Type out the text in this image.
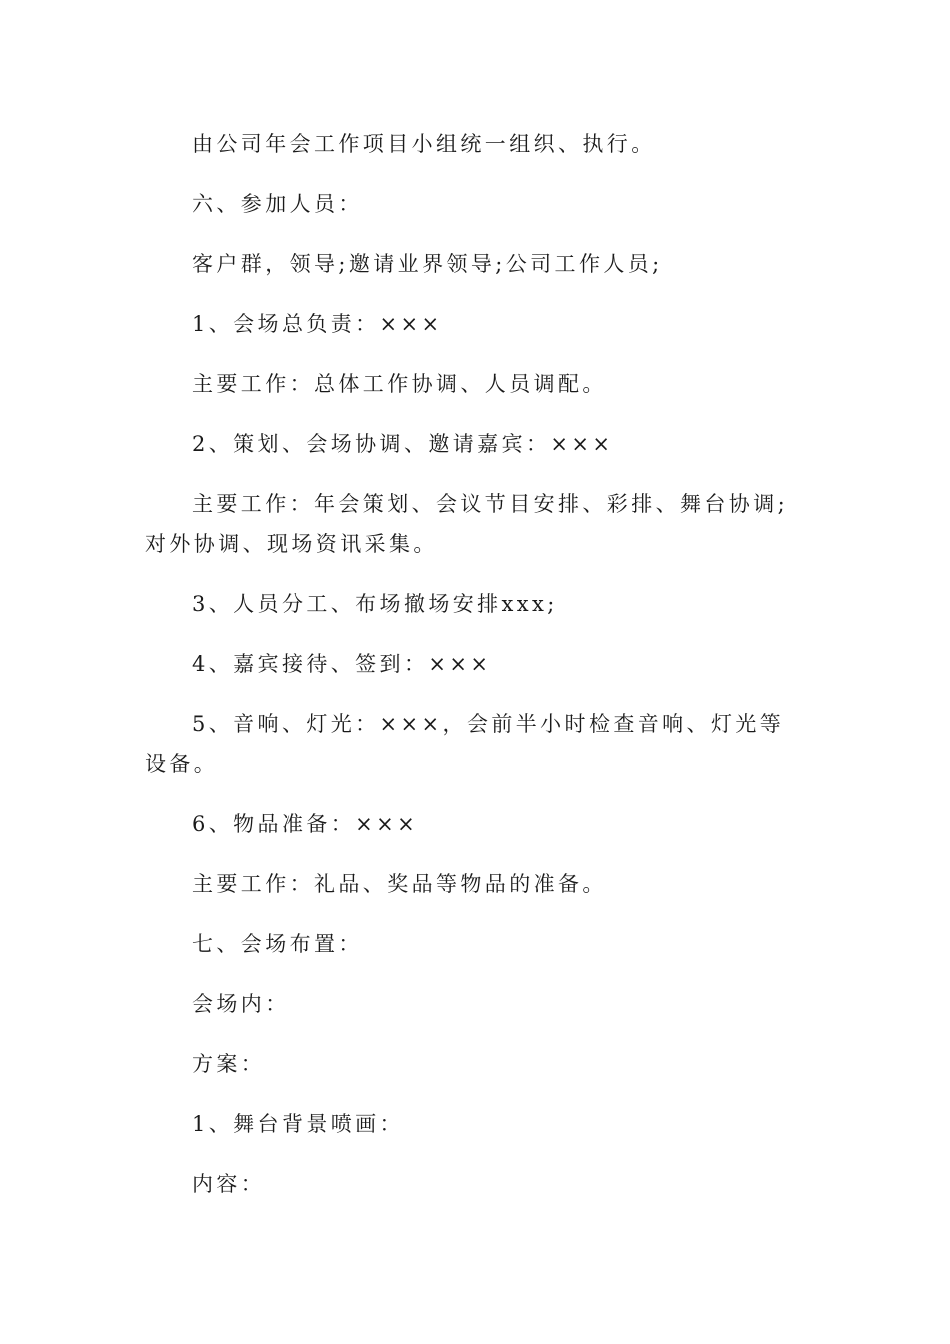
由公司年会工作项目小组统一组织、执行。

六、参加人员：

客户群，领导;邀请业界领导;公司工作人员;

1、会场总负责：×××

主要工作：总体工作协调、人员调配。

2、策划、会场协调、邀请嘉宾：×××

主要工作：年会策划、会议节目安排、彩排、舞台协调;对外协调、现场资讯采集。

3、人员分工、布场撤场安排xxx;

4、嘉宾接待、签到：×××

5、音响、灯光：×××，会前半小时检查音响、灯光等设备。

6、物品准备：×××

主要工作：礼品、奖品等物品的准备。

七、会场布置：

会场内：

方案：

1、舞台背景喷画：

内容：
